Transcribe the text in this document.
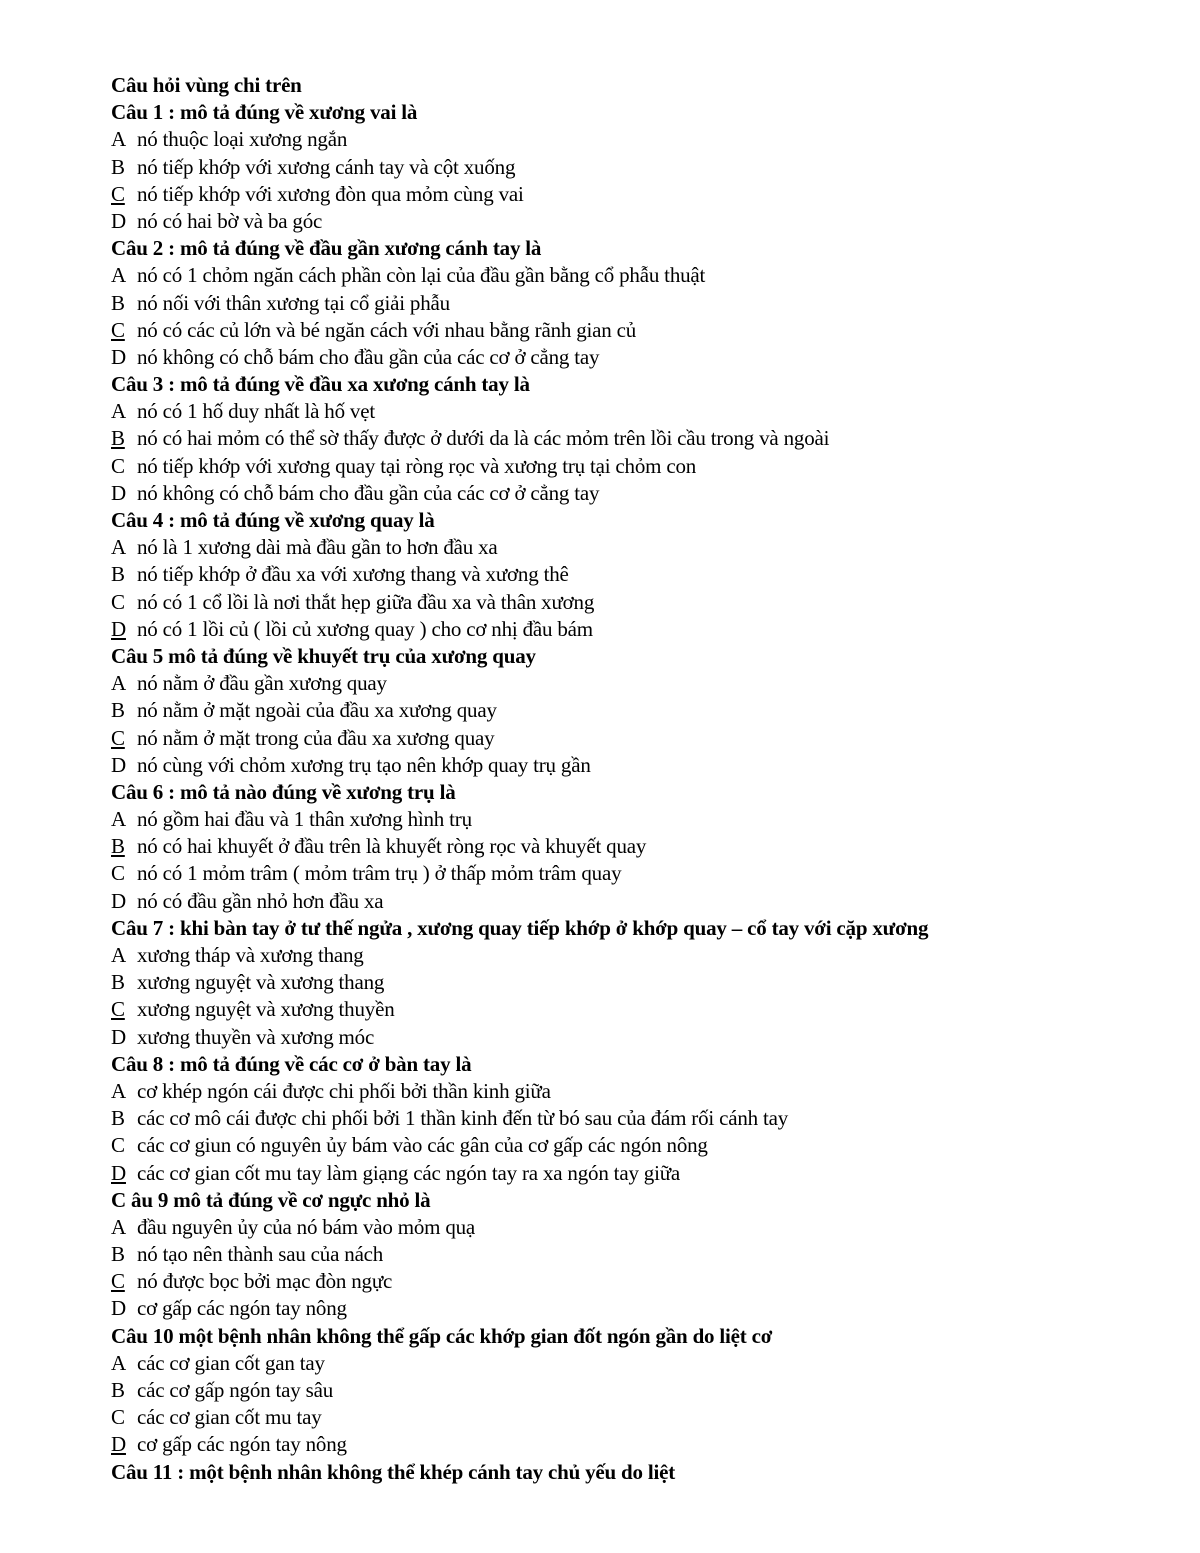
Câu hỏi vùng chi trên
Câu 1 : mô tả đúng về xương vai là
A nó thuộc loại xương ngắn
B nó tiếp khớp với xương cánh tay và cột xuống
C nó tiếp khớp với xương đòn qua mỏm cùng vai
D nó có hai bờ và ba góc
Câu 2 : mô tả đúng về đầu gần xương cánh tay là
A nó có 1 chỏm ngăn cách phần còn lại của đầu gần bằng cổ phẫu thuật
B nó nối với thân xương tại cổ giải phẫu
C nó có các củ lớn và bé ngăn cách với nhau bằng rãnh gian củ
D nó không có chỗ bám cho đầu gần của các cơ ở cẳng tay
Câu 3 : mô tả đúng về đầu xa xương cánh tay là
A nó có 1 hố duy nhất là hố vẹt
B nó có hai mỏm có thể sờ thấy được ở dưới da là các mỏm trên lồi cầu trong và ngoài
C nó tiếp khớp với xương quay tại ròng rọc và xương trụ tại chỏm con
D nó không có chỗ bám cho đầu gần của các cơ ở cẳng tay
Câu 4 : mô tả đúng về xương quay là
A nó là 1 xương dài mà đầu gần to hơn đầu xa
B nó tiếp khớp ở đầu xa với xương thang và xương thê
C nó có 1 cổ lồi là nơi thắt hẹp giữa đầu xa và thân xương
D nó có 1 lồi củ ( lồi củ xương quay ) cho cơ nhị đầu bám
Câu 5 mô tả đúng về khuyết trụ của xương quay
A nó nằm ở đầu gần xương quay
B nó nằm ở mặt ngoài của đầu xa xương quay
C nó nằm ở mặt trong của đầu xa xương quay
D nó cùng với chỏm xương trụ tạo nên khớp quay trụ gần
Câu 6 : mô tả nào đúng về xương trụ là
A nó gồm hai đầu và 1 thân xương hình trụ
B nó có hai khuyết ở đầu trên là khuyết ròng rọc và khuyết quay
C nó có 1 mỏm trâm ( mỏm trâm trụ ) ở thấp mỏm trâm quay
D nó có đầu gần nhỏ hơn đầu xa
Câu 7 : khi bàn tay ở tư thế ngửa , xương quay tiếp khớp ở khớp quay – cổ tay với cặp xương
A xương tháp và xương thang
B xương nguyệt và xương thang
C xương nguyệt và xương thuyền
D xương thuyền và xương móc
Câu 8 : mô tả đúng về các cơ ở bàn tay là
A cơ khép ngón cái được chi phối bởi thần kinh giữa
B các cơ mô cái được chi phối bởi 1 thần kinh đến từ bó sau của đám rối cánh tay
C các cơ giun có nguyên ủy bám vào các gân của cơ gấp các ngón nông
D các cơ gian cốt mu tay làm giạng các ngón tay ra xa ngón tay giữa
C âu 9 mô tả đúng về cơ ngực nhỏ là
A đầu nguyên ủy của nó bám vào mỏm quạ
B nó tạo nên thành sau của nách
C nó được bọc bởi mạc đòn ngực
D cơ gấp các ngón tay nông
Câu 10 một bệnh nhân không thể gấp các khớp gian đốt ngón gần do liệt cơ
A các cơ gian cốt gan tay
B các cơ gấp ngón tay sâu
C các cơ gian cốt mu tay
D cơ gấp các ngón tay nông
Câu 11 : một bệnh nhân không thể khép cánh tay chủ yếu do liệt
